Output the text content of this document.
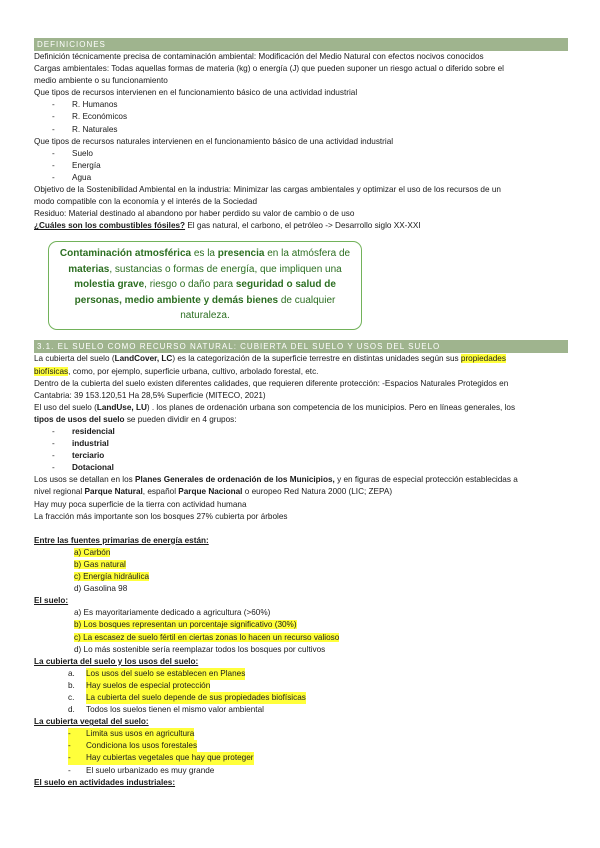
DEFINICIONES

Definición técnicamente precisa de contaminación ambiental: Modificación del Medio Natural con efectos nocivos conocidos

Cargas ambientales: Todas aquellas formas de materia (kg) o energía (J) que pueden suponer un riesgo actual o diferido sobre el

medio ambiente o su funcionamiento

Que tipos de recursos intervienen en el funcionamiento básico de una actividad industrial

-	R. Humanos
-	R. Económicos
-	R. Naturales

Que tipos de recursos naturales intervienen en el funcionamiento básico de una actividad industrial

-	Suelo
-	Energía
-	Agua

Objetivo de la Sostenibilidad Ambiental en la industria: Minimizar las cargas ambientales y optimizar el uso de los recursos de un

modo compatible con la economía y el interés de la Sociedad

Residuo: Material destinado al abandono por haber perdido su valor de cambio o de uso

¿Cuáles son los combustibles fósiles? El gas natural, el carbono, el petróleo -> Desarrollo siglo XX-XXI

Contaminación atmosférica es la presencia en la atmósfera de materias, sustancias o formas de energía, que impliquen una molestia grave, riesgo o daño para seguridad o salud de personas, medio ambiente y demás bienes de cualquier naturaleza.
3.1. EL SUELO COMO RECURSO NATURAL: CUBIERTA DEL SUELO Y USOS DEL SUELO

La cubierta del suelo (LandCover, LC) es la categorización de la superficie terrestre en distintas unidades según sus propiedades

biofísicas, como, por ejemplo, superficie urbana, cultivo, arbolado forestal, etc.

Dentro de la cubierta del suelo existen diferentes calidades, que requieren diferente protección: -Espacios Naturales Protegidos en

Cantabria: 39 153.120,51 Ha 28,5% Superficie (MITECO, 2021)

El uso del suelo (LandUse, LU) . los planes de ordenación urbana son competencia de los municipios. Pero en líneas generales, los

tipos de usos del suelo se pueden dividir en 4 grupos:

-	residencial
-	industrial
-	terciario
-	Dotacional

Los usos se detallan en los Planes Generales de ordenación de los Municipios, y en figuras de especial protección establecidas a

nivel regional Parque Natural, español Parque Nacional o europeo Red Natura 2000 (LIC; ZEPA)

Hay muy poca superficie de la tierra con actividad humana

La fracción más importante son los bosques 27% cubierta por árboles

Entre las fuentes primarias de energía están:

a) Carbón
b) Gas natural
c) Energía hidráulica
d) Gasolina 98

El suelo:

a) Es mayoritariamente dedicado a agricultura (>60%)
b) Los bosques representan un porcentaje significativo (30%)
c) La escasez de suelo fértil en ciertas zonas lo hacen un recurso valioso
d) Lo más sostenible sería reemplazar todos los bosques por cultivos

La cubierta del suelo y los usos del suelo:

a.	Los usos del suelo se establecen en Planes
b.	Hay suelos de especial protección
c.	La cubierta del suelo depende de sus propiedades biofísicas
d.	Todos los suelos tienen el mismo valor ambiental

La cubierta vegetal del suelo:

-	Limita sus usos en agricultura
-	Condiciona los usos forestales
-	Hay cubiertas vegetales que hay que proteger
-	El suelo urbanizado es muy grande

El suelo en actividades industriales:
